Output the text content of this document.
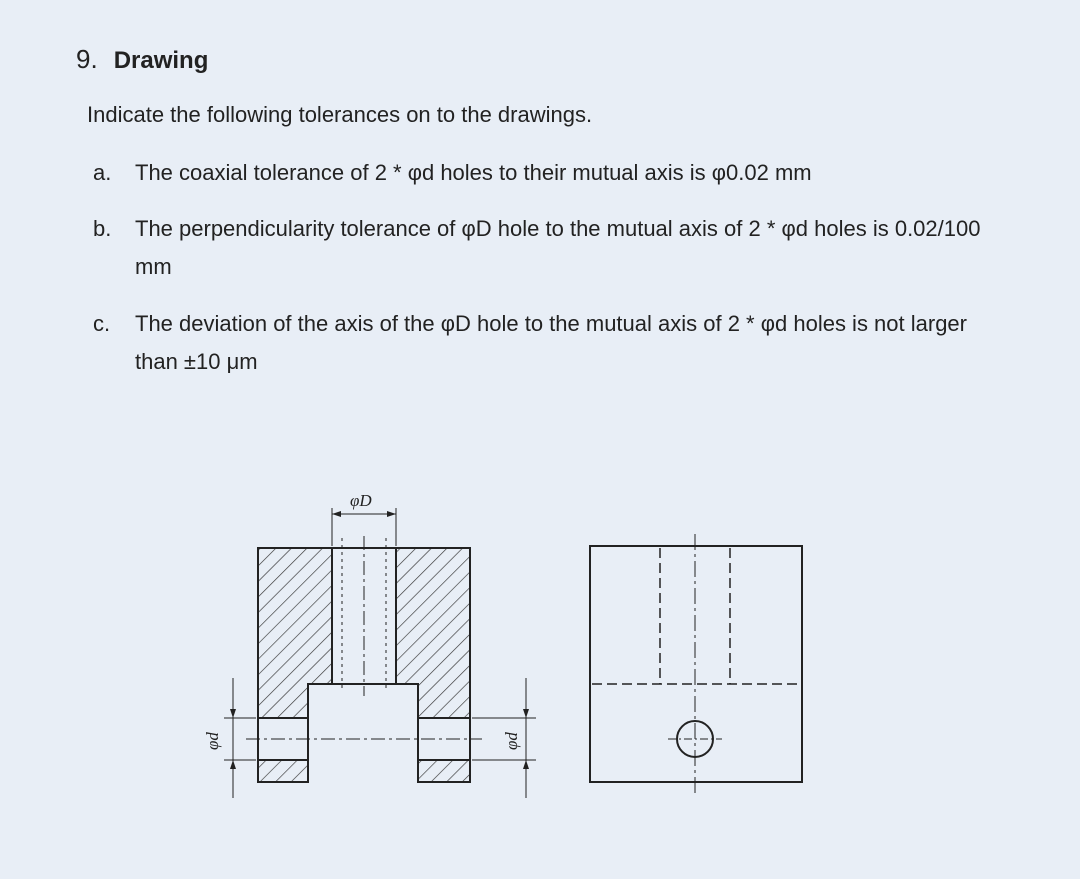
9. Drawing
Indicate the following tolerances on to the drawings.
a.	The coaxial tolerance of 2 * φd holes to their mutual axis is φ0.02 mm
b.	The perpendicularity tolerance of φD hole to the mutual axis of 2 * φd holes is 0.02/100 mm
c.	The deviation of the axis of the φD hole to the mutual axis of 2 * φd holes is not larger than ±10 μm
φD
φd	φd
